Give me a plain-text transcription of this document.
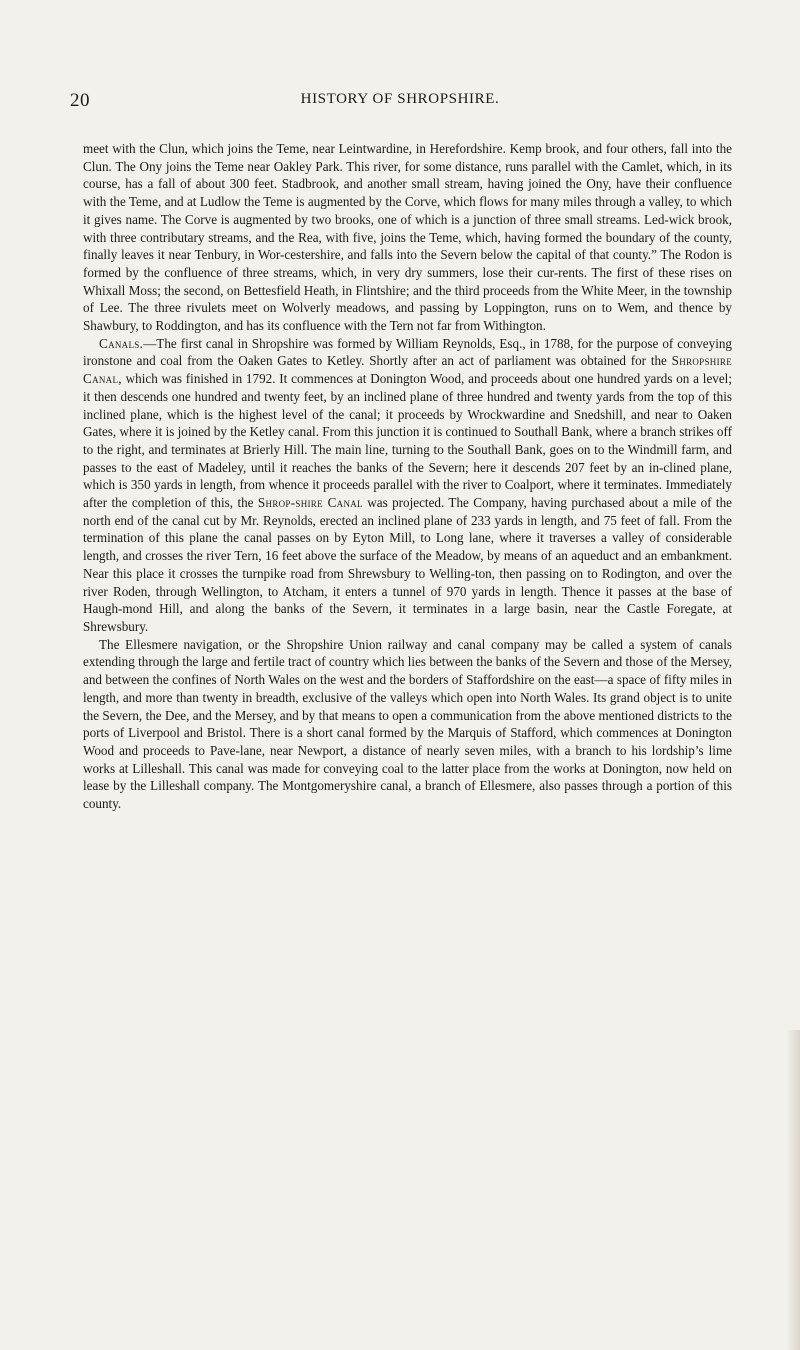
20	HISTORY OF SHROPSHIRE.

meet with the Clun, which joins the Teme, near Leintwardine, in Herefordshire. Kemp brook, and four others, fall into the Clun. The Ony joins the Teme near Oakley Park. This river, for some distance, runs parallel with the Camlet, which, in its course, has a fall of about 300 feet. Stadbrook, and another small stream, having joined the Ony, have their confluence with the Teme, and at Ludlow the Teme is augmented by the Corve, which flows for many miles through a valley, to which it gives name. The Corve is augmented by two brooks, one of which is a junction of three small streams. Led-wick brook, with three contributary streams, and the Rea, with five, joins the Teme, which, having formed the boundary of the county, finally leaves it near Tenbury, in Wor-cestershire, and falls into the Severn below the capital of that county.” The Rodon is formed by the confluence of three streams, which, in very dry summers, lose their cur-rents. The first of these rises on Whixall Moss; the second, on Bettesfield Heath, in Flintshire; and the third proceeds from the White Meer, in the township of Lee. The three rivulets meet on Wolverly meadows, and passing by Loppington, runs on to Wem, and thence by Shawbury, to Roddington, and has its confluence with the Tern not far from Withington.

Canals.—The first canal in Shropshire was formed by William Reynolds, Esq., in 1788, for the purpose of conveying ironstone and coal from the Oaken Gates to Ketley. Shortly after an act of parliament was obtained for the Shropshire Canal, which was finished in 1792. It commences at Donington Wood, and proceeds about one hundred yards on a level; it then descends one hundred and twenty feet, by an inclined plane of three hundred and twenty yards from the top of this inclined plane, which is the highest level of the canal; it proceeds by Wrockwardine and Snedshill, and near to Oaken Gates, where it is joined by the Ketley canal. From this junction it is continued to Southall Bank, where a branch strikes off to the right, and terminates at Brierly Hill. The main line, turning to the Southall Bank, goes on to the Windmill farm, and passes to the east of Madeley, until it reaches the banks of the Severn; here it descends 207 feet by an in-clined plane, which is 350 yards in length, from whence it proceeds parallel with the river to Coalport, where it terminates. Immediately after the completion of this, the Shrop-shire Canal was projected. The Company, having purchased about a mile of the north end of the canal cut by Mr. Reynolds, erected an inclined plane of 233 yards in length, and 75 feet of fall. From the termination of this plane the canal passes on by Eyton Mill, to Long lane, where it traverses a valley of considerable length, and crosses the river Tern, 16 feet above the surface of the Meadow, by means of an aqueduct and an embankment. Near this place it crosses the turnpike road from Shrewsbury to Welling-ton, then passing on to Rodington, and over the river Roden, through Wellington, to Atcham, it enters a tunnel of 970 yards in length. Thence it passes at the base of Haugh-mond Hill, and along the banks of the Severn, it terminates in a large basin, near the Castle Foregate, at Shrewsbury.

The Ellesmere navigation, or the Shropshire Union railway and canal company may be called a system of canals extending through the large and fertile tract of country which lies between the banks of the Severn and those of the Mersey, and between the confines of North Wales on the west and the borders of Staffordshire on the east—a space of fifty miles in length, and more than twenty in breadth, exclusive of the valleys which open into North Wales. Its grand object is to unite the Severn, the Dee, and the Mersey, and by that means to open a communication from the above mentioned districts to the ports of Liverpool and Bristol. There is a short canal formed by the Marquis of Stafford, which commences at Donington Wood and proceeds to Pave-lane, near Newport, a distance of nearly seven miles, with a branch to his lordship’s lime works at Lilleshall. This canal was made for conveying coal to the latter place from the works at Donington, now held on lease by the Lilleshall company. The Montgomeryshire canal, a branch of Ellesmere, also passes through a portion of this county.
